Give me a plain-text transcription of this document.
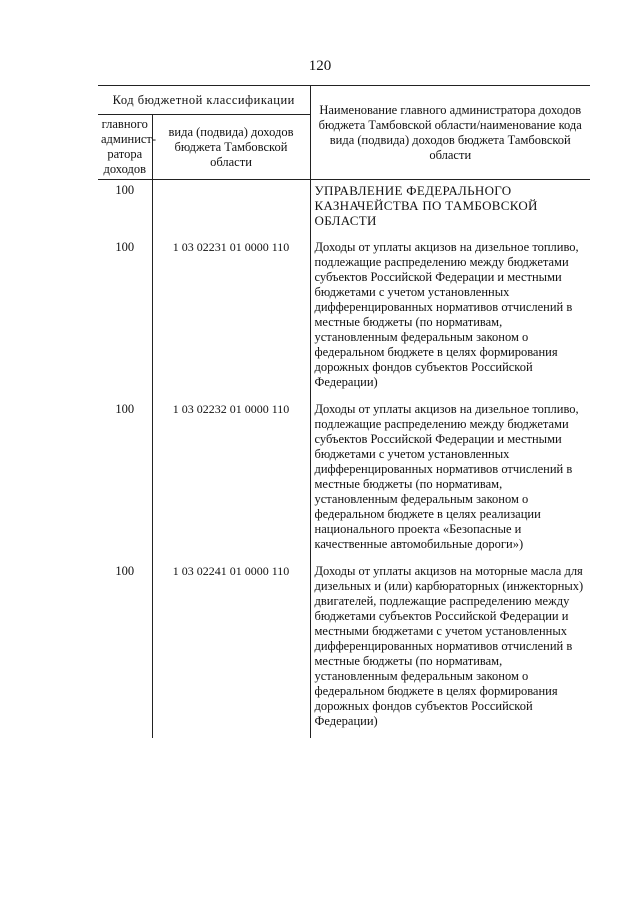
120
Код бюджетной классификации		Наименование главного администратора доходов бюджета Тамбовской области/наименование кода вида (подвида) доходов бюджета Тамбовской области
главного админист-ратора доходов	вида (подвида) доходов бюджета Тамбовской области	
100		УПРАВЛЕНИЕ ФЕДЕРАЛЬНОГО КАЗНАЧЕЙСТВА ПО ТАМБОВСКОЙ ОБЛАСТИ
100	1 03 02231 01 0000 110	Доходы от уплаты акцизов на дизельное топливо, подлежащие распределению между бюджетами субъектов Российской Федерации и местными бюджетами с учетом установленных дифференцированных нормативов отчислений в местные бюджеты (по нормативам, установленным федеральным законом о федеральном бюджете в целях формирования дорожных фондов субъектов Российской Федерации)
100	1 03 02232 01 0000 110	Доходы от уплаты акцизов на дизельное топливо, подлежащие распределению между бюджетами субъектов Российской Федерации и местными бюджетами с учетом установленных дифференцированных нормативов отчислений в местные бюджеты (по нормативам, установленным федеральным законом о федеральном бюджете в целях реализации национального проекта «Безопасные и качественные автомобильные дороги»)
100	1 03 02241 01 0000 110	Доходы от уплаты акцизов на моторные масла для дизельных и (или) карбюраторных (инжекторных) двигателей, подлежащие распределению между бюджетами субъектов Российской Федерации и местными бюджетами с учетом установленных дифференцированных нормативов отчислений в местные бюджеты (по нормативам, установленным федеральным законом о федеральном бюджете в целях формирования дорожных фондов субъектов Российской Федерации)
